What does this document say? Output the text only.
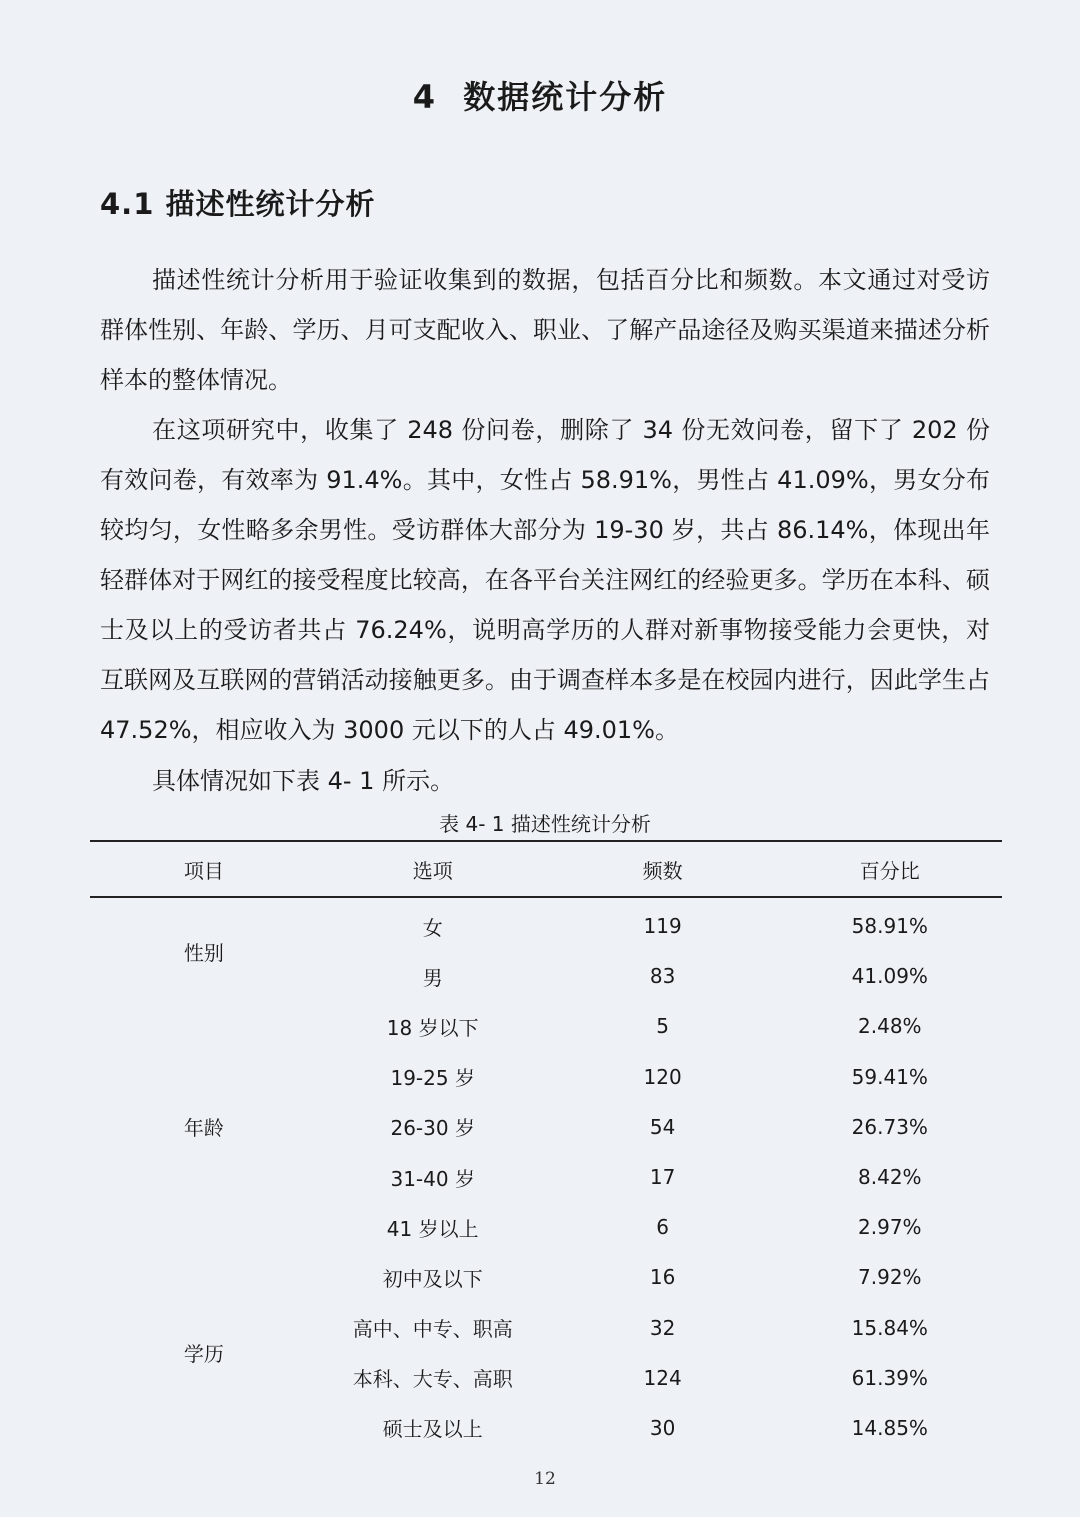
4  数据统计分析
4.1 描述性统计分析

描述性统计分析用于验证收集到的数据，包括百分比和频数。本文通过对受访群体性别、年龄、学历、月可支配收入、职业、了解产品途径及购买渠道来描述分析样本的整体情况。

在这项研究中，收集了 248 份问卷，删除了 34 份无效问卷，留下了 202 份有效问卷，有效率为 91.4%。其中，女性占 58.91%，男性占 41.09%，男女分布较均匀，女性略多余男性。受访群体大部分为 19-30 岁，共占 86.14%，体现出年轻群体对于网红的接受程度比较高，在各平台关注网红的经验更多。学历在本科、硕士及以上的受访者共占 76.24%，说明高学历的人群对新事物接受能力会更快，对互联网及互联网的营销活动接触更多。由于调查样本多是在校园内进行，因此学生占 47.52%，相应收入为 3000 元以下的人占 49.01%。

具体情况如下表 4- 1 所示。

表 4- 1 描述性统计分析
项目	选项	频数	百分比
性别	女	119	58.91%
	男	83	41.09%
年龄	18 岁以下	5	2.48%
	19-25 岁	120	59.41%
	26-30 岁	54	26.73%
	31-40 岁	17	8.42%
	41 岁以上	6	2.97%
学历	初中及以下	16	7.92%
	高中、中专、职高	32	15.84%
	本科、大专、高职	124	61.39%
	硕士及以上	30	14.85%
12
